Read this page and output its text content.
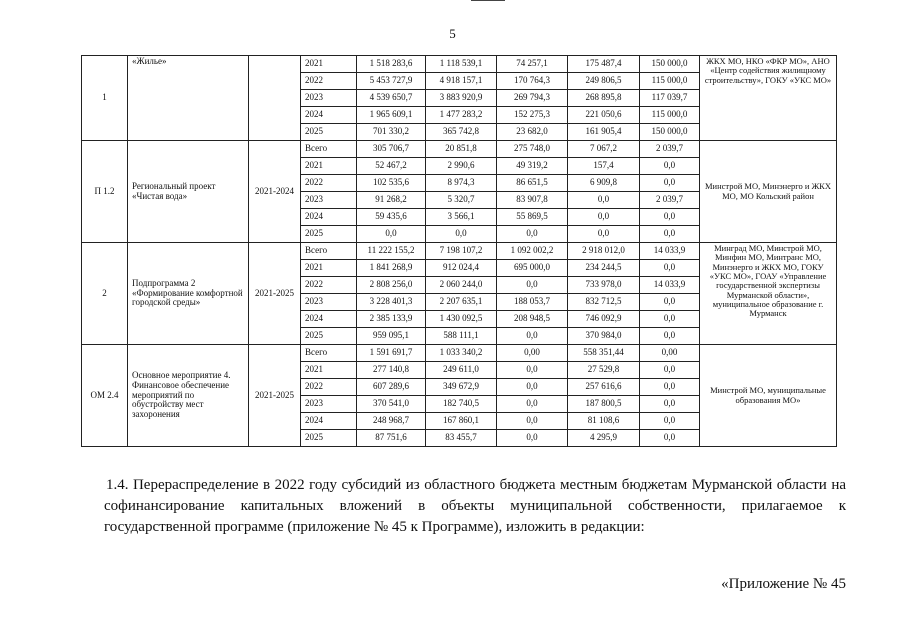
5
1	«Жилье»		2021	1 518 283,6	1 118 539,1	74 257,1	175 487,4	150 000,0	ЖКХ МО, НКО «ФКР МО», АНО «Центр содействия жилищному строительству», ГОКУ «УКС МО»
			2022	5 453 727,9	4 918 157,1	170 764,3	249 806,5	115 000,0	
			2023	4 539 650,7	3 883 920,9	269 794,3	268 895,8	117 039,7	
			2024	1 965 609,1	1 477 283,2	152 275,3	221 050,6	115 000,0	
			2025	701 330,2	365 742,8	23 682,0	161 905,4	150 000,0	
П 1.2	Региональный проект «Чистая вода»	2021-2024	Всего	305 706,7	20 851,8	275 748,0	7 067,2	2 039,7	Минстрой МО, Минэнерго и ЖКХ МО, МО Кольский район
			2021	52 467,2	2 990,6	49 319,2	157,4	0,0	
			2022	102 535,6	8 974,3	86 651,5	6 909,8	0,0	
			2023	91 268,2	5 320,7	83 907,8	0,0	2 039,7	
			2024	59 435,6	3 566,1	55 869,5	0,0	0,0	
			2025	0,0	0,0	0,0	0,0	0,0	
2	Подпрограмма 2 «Формирование комфортной городской среды»	2021-2025	Всего	11 222 155,2	7 198 107,2	1 092 002,2	2 918 012,0	14 033,9	Минград МО, Минстрой МО, Минфин МО, Минтранс МО, Минэнерго и ЖКХ МО, ГОКУ «УКС МО», ГОАУ «Управление государственной экспертизы Мурманской области», муниципальное образование г. Мурманск
			2021	1 841 268,9	912 024,4	695 000,0	234 244,5	0,0	
			2022	2 808 256,0	2 060 244,0	0,0	733 978,0	14 033,9	
			2023	3 228 401,3	2 207 635,1	188 053,7	832 712,5	0,0	
			2024	2 385 133,9	1 430 092,5	208 948,5	746 092,9	0,0	
			2025	959 095,1	588 111,1	0,0	370 984,0	0,0	
ОМ 2.4	Основное мероприятие 4. Финансовое обеспечение мероприятий по обустройству мест захоронения	2021-2025	Всего	1 591 691,7	1 033 340,2	0,00	558 351,44	0,00	Минстрой МО, муниципальные образования МО»
			2021	277 140,8	249 611,0	0,0	27 529,8	0,0	
			2022	607 289,6	349 672,9	0,0	257 616,6	0,0	
			2023	370 541,0	182 740,5	0,0	187 800,5	0,0	
			2024	248 968,7	167 860,1	0,0	81 108,6	0,0	
			2025	87 751,6	83 455,7	0,0	4 295,9	0,0	

1.4. Перераспределение в 2022 году субсидий из областного бюджета местным бюджетам Мурманской области на софинансирование капитальных вложений в объекты муниципальной собственности, прилагаемое к государственной программе (приложение № 45 к Программе), изложить в редакции:

«Приложение № 45
